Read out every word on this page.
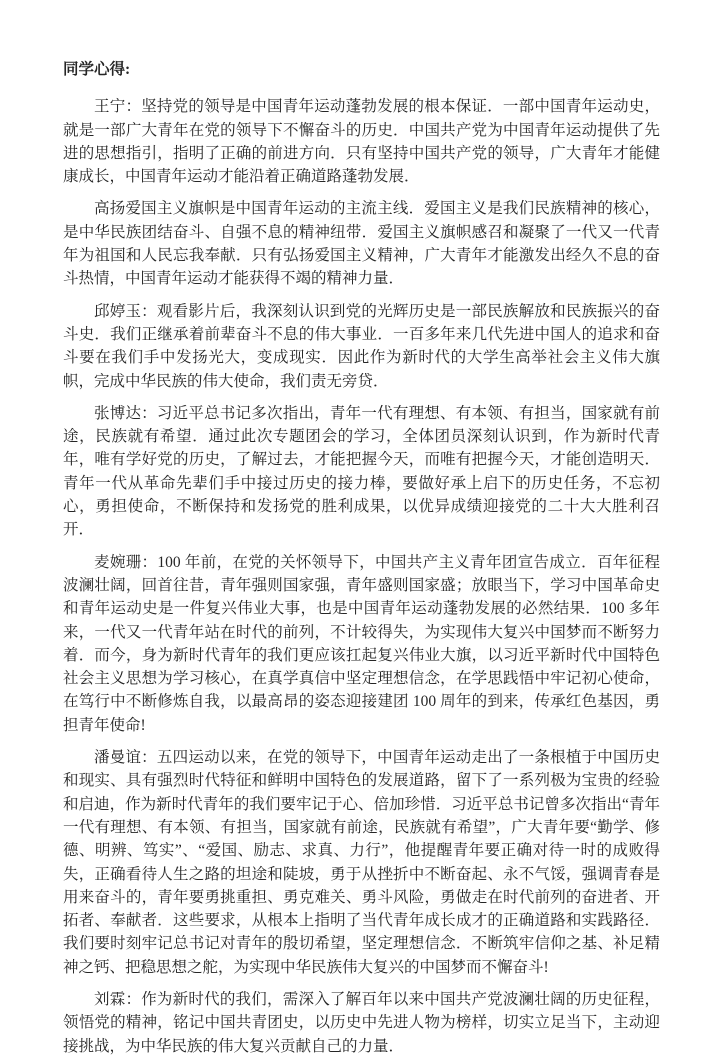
同学心得:

王宁：坚持党的领导是中国青年运动蓬勃发展的根本保证．一部中国青年运动史，就是一部广大青年在党的领导下不懈奋斗的历史．中国共产党为中国青年运动提供了先进的思想指引，指明了正确的前进方向．只有坚持中国共产党的领导，广大青年才能健康成长，中国青年运动才能沿着正确道路蓬勃发展．

高扬爱国主义旗帜是中国青年运动的主流主线．爱国主义是我们民族精神的核心，是中华民族团结奋斗、自强不息的精神纽带．爱国主义旗帜感召和凝聚了一代又一代青年为祖国和人民忘我奉献．只有弘扬爱国主义精神，广大青年才能激发出经久不息的奋斗热情，中国青年运动才能获得不竭的精神力量．

邱婷玉：观看影片后，我深刻认识到党的光辉历史是一部民族解放和民族振兴的奋斗史．我们正继承着前辈奋斗不息的伟大事业．一百多年来几代先进中国人的追求和奋斗要在我们手中发扬光大，变成现实．因此作为新时代的大学生高举社会主义伟大旗帜，完成中华民族的伟大使命，我们责无旁贷．

张博达：习近平总书记多次指出，青年一代有理想、有本领、有担当，国家就有前途，民族就有希望．通过此次专题团会的学习，全体团员深刻认识到，作为新时代青年，唯有学好党的历史，了解过去，才能把握今天，而唯有把握今天，才能创造明天．青年一代从革命先辈们手中接过历史的接力棒，要做好承上启下的历史任务，不忘初心，勇担使命，不断保持和发扬党的胜利成果，以优异成绩迎接党的二十大大胜利召开．

麦婉珊：100 年前，在党的关怀领导下，中国共产主义青年团宣告成立．百年征程波澜壮阔，回首往昔，青年强则国家强，青年盛则国家盛；放眼当下，学习中国革命史和青年运动史是一件复兴伟业大事，也是中国青年运动蓬勃发展的必然结果．100 多年来，一代又一代青年站在时代的前列，不计较得失，为实现伟大复兴中国梦而不断努力着．而今，身为新时代青年的我们更应该扛起复兴伟业大旗，以习近平新时代中国特色社会主义思想为学习核心，在真学真信中坚定理想信念，在学思践悟中牢记初心使命，在笃行中不断修炼自我，以最高昂的姿态迎接建团 100 周年的到来，传承红色基因，勇担青年使命!

潘曼谊：五四运动以来，在党的领导下，中国青年运动走出了一条根植于中国历史和现实、具有强烈时代特征和鲜明中国特色的发展道路，留下了一系列极为宝贵的经验和启迪，作为新时代青年的我们要牢记于心、倍加珍惜．习近平总书记曾多次指出“青年一代有理想、有本领、有担当，国家就有前途，民族就有希望”，广大青年要“勤学、修德、明辨、笃实”、“爱国、励志、求真、力行”，他提醒青年要正确对待一时的成败得失，正确看待人生之路的坦途和陡坡，勇于从挫折中不断奋起、永不气馁，强调青春是用来奋斗的，青年要勇挑重担、勇克难关、勇斗风险，勇做走在时代前列的奋进者、开拓者、奉献者．这些要求，从根本上指明了当代青年成长成才的正确道路和实践路径．我们要时刻牢记总书记对青年的殷切希望，坚定理想信念．不断筑牢信仰之基、补足精神之钙、把稳思想之舵，为实现中华民族伟大复兴的中国梦而不懈奋斗!

刘霖：作为新时代的我们，需深入了解百年以来中国共产党波澜壮阔的历史征程，领悟党的精神，铭记中国共青团史，以历史中先进人物为榜样，切实立足当下，主动迎接挑战，为中华民族的伟大复兴贡献自己的力量．
